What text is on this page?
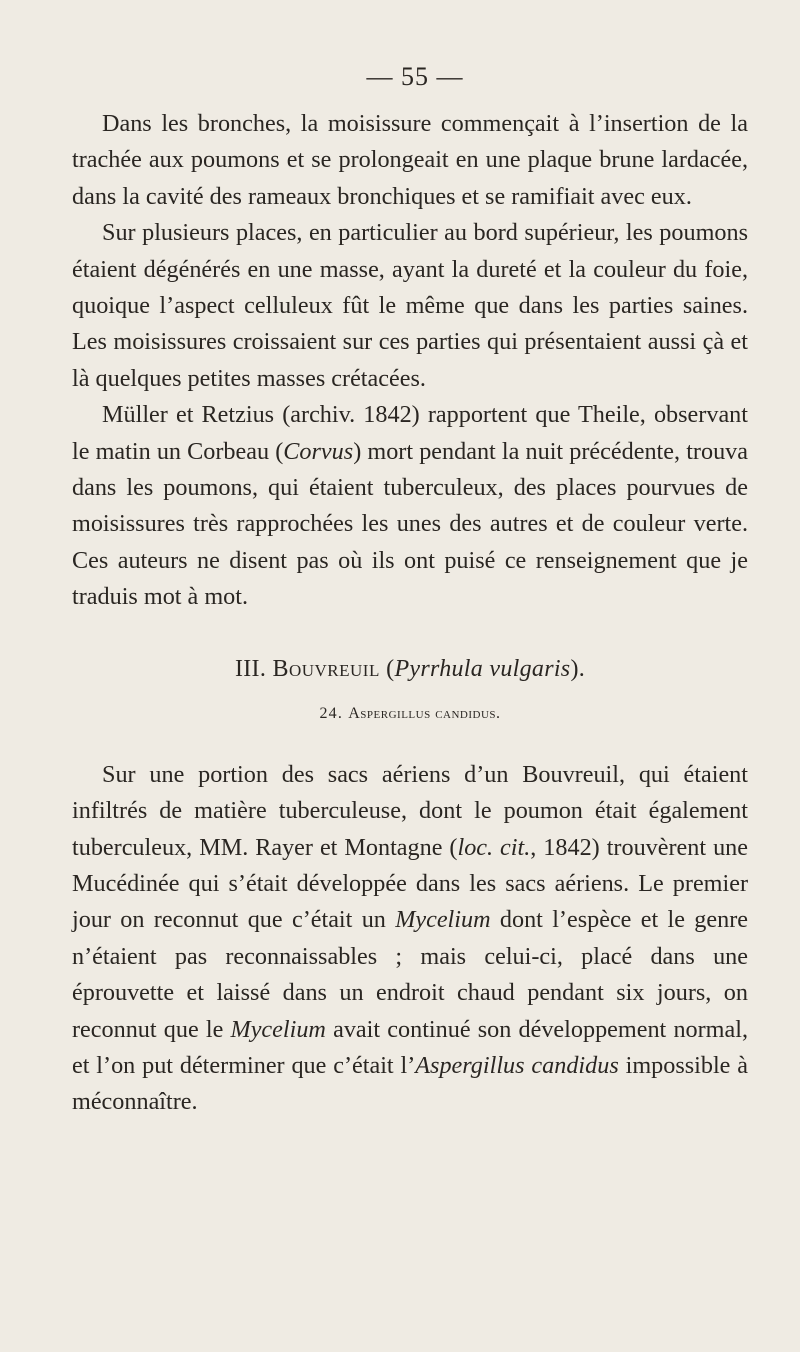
— 55 —

Dans les bronches, la moisissure commençait à l’insertion de la trachée aux poumons et se prolongeait en une plaque brune lardacée, dans la cavité des rameaux bronchiques et se ramifiait avec eux.

Sur plusieurs places, en particulier au bord supérieur, les poumons étaient dégénérés en une masse, ayant la dureté et la couleur du foie, quoique l’aspect celluleux fût le même que dans les parties saines. Les moisissures croissaient sur ces parties qui présentaient aussi çà et là quelques petites masses crétacées.

Müller et Retzius (archiv. 1842) rapportent que Theile, observant le matin un Corbeau (Corvus) mort pendant la nuit précédente, trouva dans les poumons, qui étaient tuberculeux, des places pourvues de moisissures très rapprochées les unes des autres et de couleur verte. Ces auteurs ne disent pas où ils ont puisé ce renseignement que je traduis mot à mot.

III. Bouvreuil (Pyrrhula vulgaris).
24. Aspergillus candidus.

Sur une portion des sacs aériens d’un Bouvreuil, qui étaient infiltrés de matière tuberculeuse, dont le poumon était également tuberculeux, MM. Rayer et Montagne (loc. cit., 1842) trouvèrent une Mucédinée qui s’était développée dans les sacs aériens. Le premier jour on reconnut que c’était un Mycelium dont l’espèce et le genre n’étaient pas reconnaissables ; mais celui-ci, placé dans une éprouvette et laissé dans un endroit chaud pendant six jours, on reconnut que le Mycelium avait continué son développement normal, et l’on put déterminer que c’était l’Aspergillus candidus impossible à méconnaître.
